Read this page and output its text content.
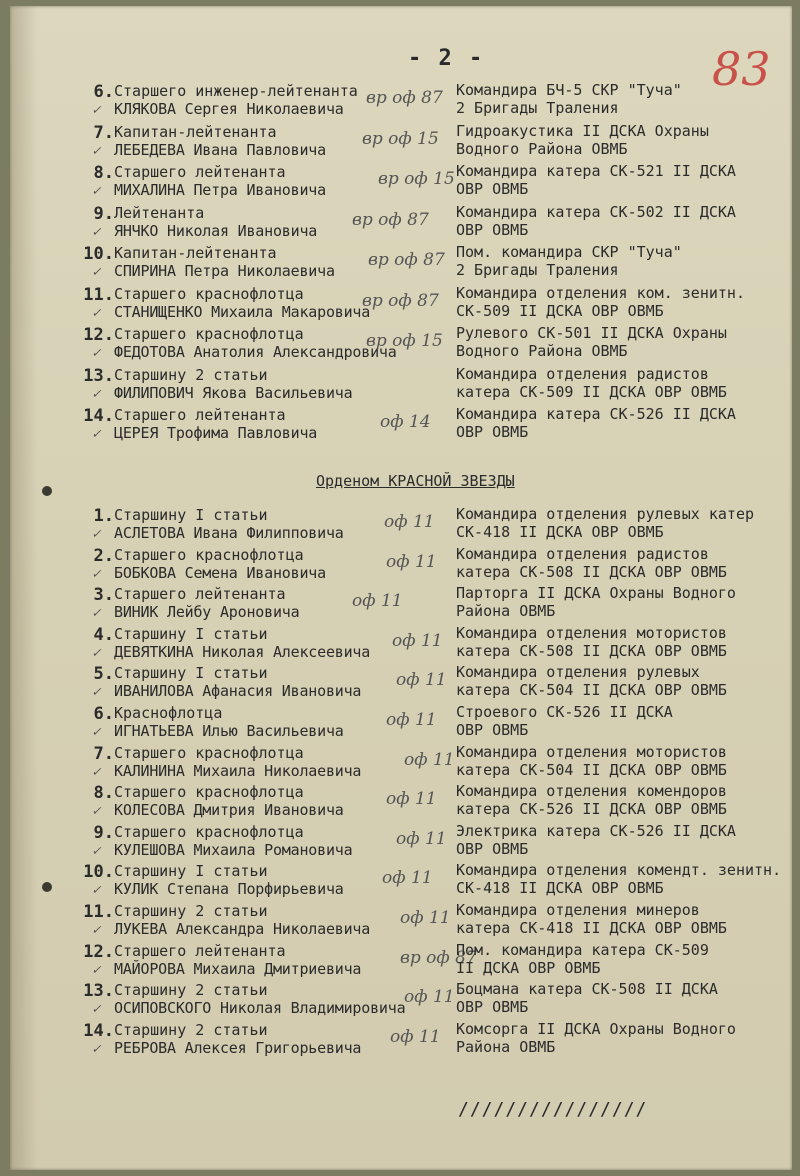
- 2 -	83
6. Старшего инженер-лейтенанта
КЛЯКОВА Сергея Николаевича
вр оф 87 Командира БЧ-5 СКР "Туча"
2 Бригады Траления
✓
7. Капитан-лейтенанта
ЛЕБЕДЕВА Ивана Павловича
вр оф 15 Гидроакустика II ДСКА Охраны
Водного Района ОВМБ
✓
8. Старшего лейтенанта
МИХАЛИНА Петра Ивановича
вр оф 15 Командира катера СК-521 II ДСКА
ОВР ОВМБ
✓
9. Лейтенанта
ЯНЧКО Николая Ивановича
вр оф 87 Командира катера СК-502 II ДСКА
ОВР ОВМБ
✓
10. Капитан-лейтенанта
СПИРИНА Петра Николаевича
вр оф 87 Пом. командира СКР "Туча"
2 Бригады Траления
✓
11. Старшего краснофлотца
СТАНИЩЕНКО Михаила Макаровича
вр оф 87 Командира отделения ком. зенитн.
СК-509 II ДСКА ОВР ОВМБ
✓
12. Старшего краснофлотца
ФЕДОТОВА Анатолия Александровича
вр оф 15 Рулевого СК-501 II ДСКА Охраны
Водного Района ОВМБ
✓
13. Старшину 2 статьи
ФИЛИПОВИЧ Якова Васильевича
Командира отделения радистов
катера СК-509 II ДСКА ОВР ОВМБ
✓
14. Старшего лейтенанта
ЦЕРЕЯ Трофима Павловича
оф 14 Командира катера СК-526 II ДСКА
ОВР ОВМБ
✓
Орденом КРАСНОЙ ЗВЕЗДЫ
1. Старшину I статьи
АСЛЕТОВА Ивана Филипповича
оф 11 Командира отделения рулевых катер
СК-418 II ДСКА ОВР ОВМБ
✓
2. Старшего краснофлотца
БОБКОВА Семена Ивановича
оф 11 Командира отделения радистов
катера СК-508 II ДСКА ОВР ОВМБ
✓
3. Старшего лейтенанта
ВИНИК Лейбу Ароновича
оф 11	Парторга II ДСКА Охраны Водного
Района ОВМБ
✓
4. Старшину I статьи
ДЕВЯТКИНА Николая Алексеевича
оф 11 Командира отделения мотористов
катера СК-508 II ДСКА ОВР ОВМБ
✓
5. Старшину I статьи
ИВАНИЛОВА Афанасия Ивановича
оф 11 Командира отделения рулевых
катера СК-504 II ДСКА ОВР ОВМБ
✓
6. Краснофлотца
ИГНАТЬЕВА Илью Васильевича
оф 11 Строевого СК-526 II ДСКА
ОВР ОВМБ
✓
7. Старшего краснофлотца
КАЛИНИНА Михаила Николаевича
оф 11 Командира отделения мотористов
катера СК-504 II ДСКА ОВР ОВМБ
✓
8. Старшего краснофлотца
КОЛЕСОВА Дмитрия Ивановича
оф 11 Командира отделения комендоров
катера СК-526 II ДСКА ОВР ОВМБ
✓
9. Старшего краснофлотца
КУЛЕШОВА Михаила Романовича
оф 11 Электрика катера СК-526 II ДСКА
ОВР ОВМБ
✓
10. Старшину I статьи
КУЛИК Степана Порфирьевича
оф 11 Командира отделения комендт. зенитн.
СК-418 II ДСКА ОВР ОВМБ
✓
11. Старшину 2 статьи
ЛУКЕВА Александра Николаевича
оф 11 Командира отделения минеров
катера СК-418 II ДСКА ОВР ОВМБ
✓
12. Старшего лейтенанта
МАЙОРОВА Михаила Дмитриевича
вр оф 87
Пом. командира катера СК-509
II ДСКА ОВР ОВМБ
✓
13. Старшину 2 статьи
ОСИПОВСКОГО Николая Владимировича
оф 11 Боцмана катера СК-508 II ДСКА
ОВР ОВМБ
✓
14. Старшину 2 статьи
РЕБРОВА Алексея Григорьевича
оф 11 Комсорга II ДСКА Охраны Водного
Района ОВМБ
✓
////////////////
